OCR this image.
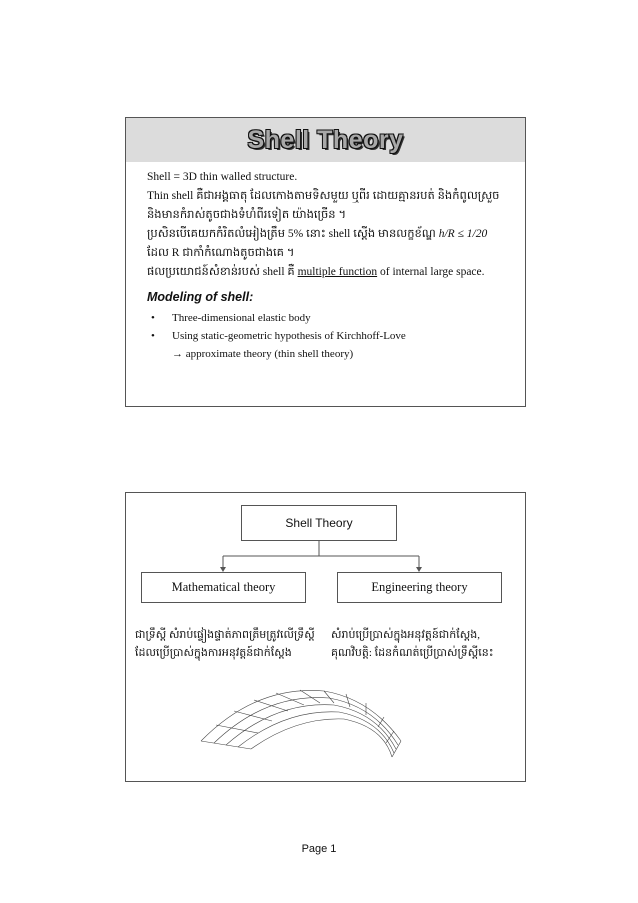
Shell Theory
Shell = 3D thin walled structure.
Thin shell គឺជាអង្គធាតុ ដែលកោងតាមទិសមួយ ឬពីរ ដោយគ្មានរបត់ និងកំពូលស្រួច
និងមានកំរាស់តូចជាងទំហំពីរទៀត យ៉ាងច្រើន ។
ប្រសិនបើគេយកកំរិតលំអៀងត្រឹម 5% នោះ shell ស្តើង មានលក្ខខ័ណ្ឌ h/R ≤ 1/20
ដែល R ជាកាំកំណោងតូចជាងគេ ។
ផលប្រយោជន៍សំខាន់របស់ shell គឺ multiple function of internal large space.
Modeling of shell:
• Three-dimensional elastic body
• Using static-geometric hypothesis of Kirchhoff-Love
→ approximate theory (thin shell theory)
Shell Theory
Mathematical theory	Engineering theory
ជាទ្រឹស្តី សំរាប់ផ្ទៀងផ្ទាត់ភាពត្រឹមត្រូវលើទ្រឹស្តីដែលប្រើប្រាស់ក្នុងការអនុវត្តន៍ជាក់ស្តែង
សំរាប់ប្រើប្រាស់ក្នុងអនុវត្តន៍ជាក់ស្តែង, គុណវិបត្តិ: ដែនកំណត់ប្រើប្រាស់ទ្រឹស្តីនេះ
Page 1
